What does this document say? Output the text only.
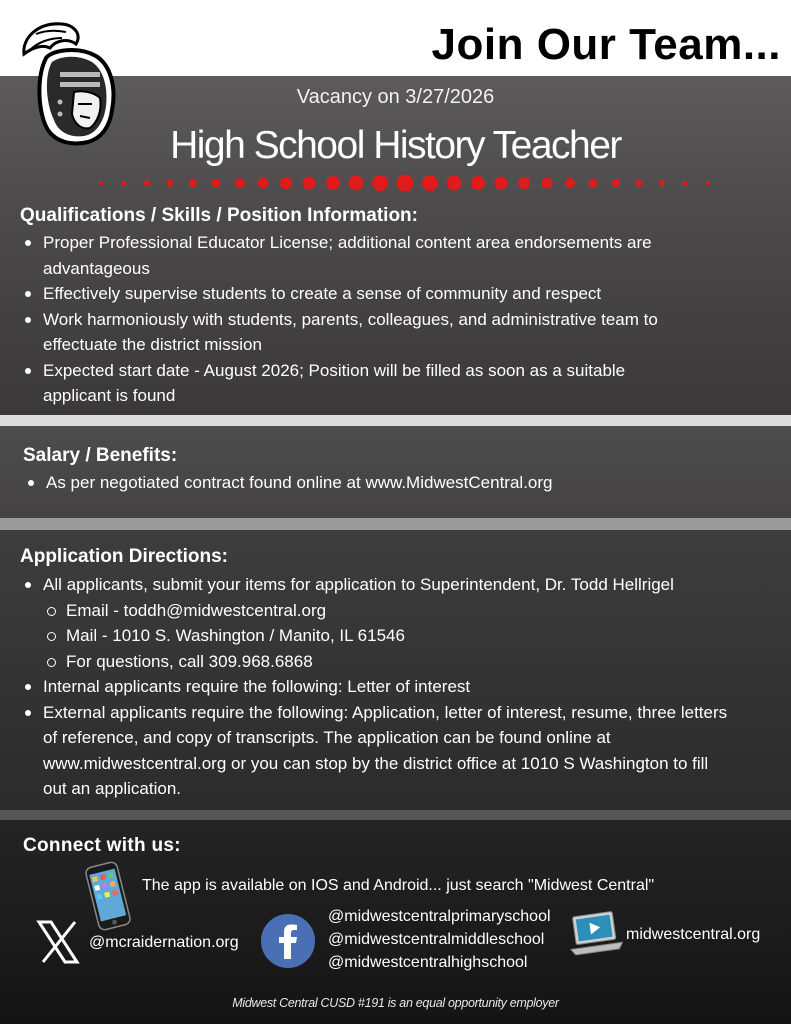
Join Our Team...
Vacancy on 3/27/2026
High School History Teacher
Qualifications / Skills / Position Information:
Proper Professional Educator License; additional content area endorsements are advantageous
Effectively supervise students to create a sense of community and respect
Work harmoniously with students, parents, colleagues, and administrative team to effectuate the district mission
Expected start date - August 2026; Position will be filled as soon as a suitable applicant is found
Salary / Benefits:
As per negotiated contract found online at www.MidwestCentral.org
Application Directions:
All applicants, submit your items for application to Superintendent, Dr. Todd Hellrigel
Email - toddh@midwestcentral.org
Mail - 1010 S. Washington / Manito, IL 61546
For questions, call 309.968.6868
Internal applicants require the following: Letter of interest
External applicants require the following: Application, letter of interest, resume, three letters of reference, and copy of transcripts. The application can be found online at www.midwestcentral.org or you can stop by the district office at 1010 S Washington to fill out an application.
Connect with us:
The app is available on IOS and Android... just search "Midwest Central"
@mcraidernation.org
@midwestcentralprimaryschool
@midwestcentralmiddleschool
@midwestcentralhighschool
midwestcentral.org
Midwest Central CUSD #191 is an equal opportunity employer
